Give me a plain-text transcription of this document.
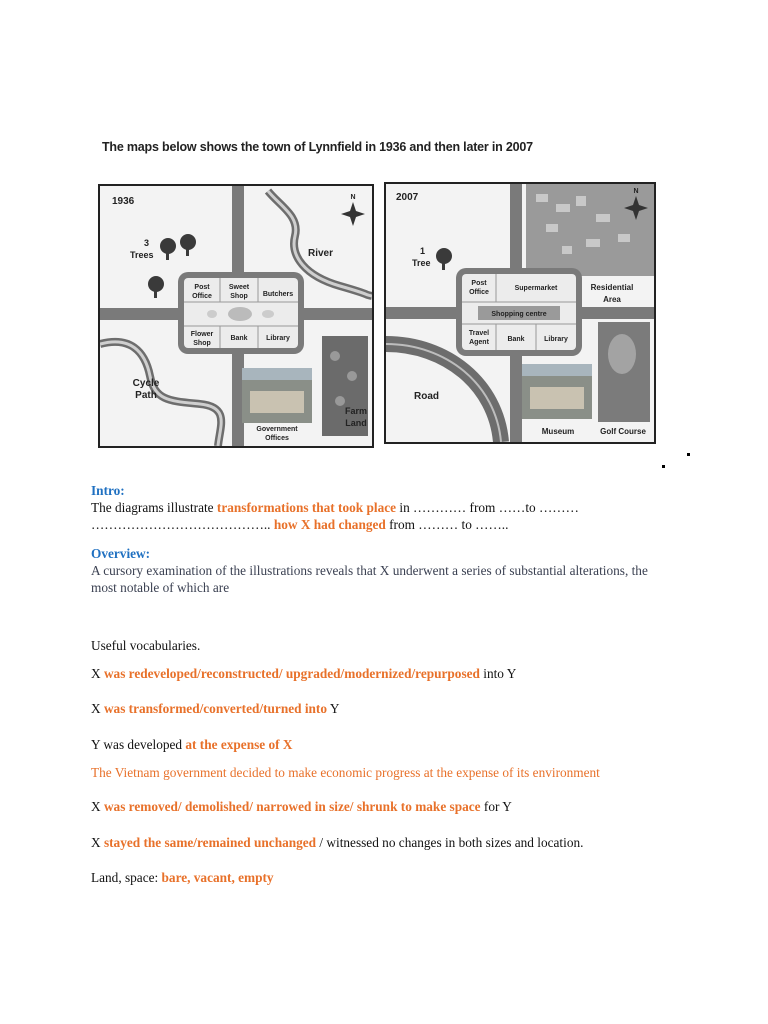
The maps below shows the town of Lynnfield in 1936 and then later in 2007
N
1936
3
Trees	River
Post
Office
Sweet
Shop Butchers
Flower
Shop
Bank	Library
Cycle
Path
Government
Offices
Farm
Land
N
2007
1
Tree
Post
Office
Supermarket	Residential
Area
Shopping centre
Travel
Agent	Bank	Library
Road
Museum	Golf Course
Intro:
The diagrams illustrate transformations that took place in ………… from ……to ………
………………………………….. how X had changed from ……… to ……..
Overview:
A cursory examination of the illustrations reveals that X underwent a series of substantial alterations, the
most notable of which are
Useful vocabularies.
X was redeveloped/reconstructed/ upgraded/modernized/repurposed into Y
X was transformed/converted/turned into Y
Y was developed at the expense of X
The Vietnam government decided to make economic progress at the expense of its environment
X was removed/ demolished/ narrowed in size/ shrunk to make space for Y
X stayed the same/remained unchanged / witnessed no changes in both sizes and location.
Land, space: bare, vacant, empty
